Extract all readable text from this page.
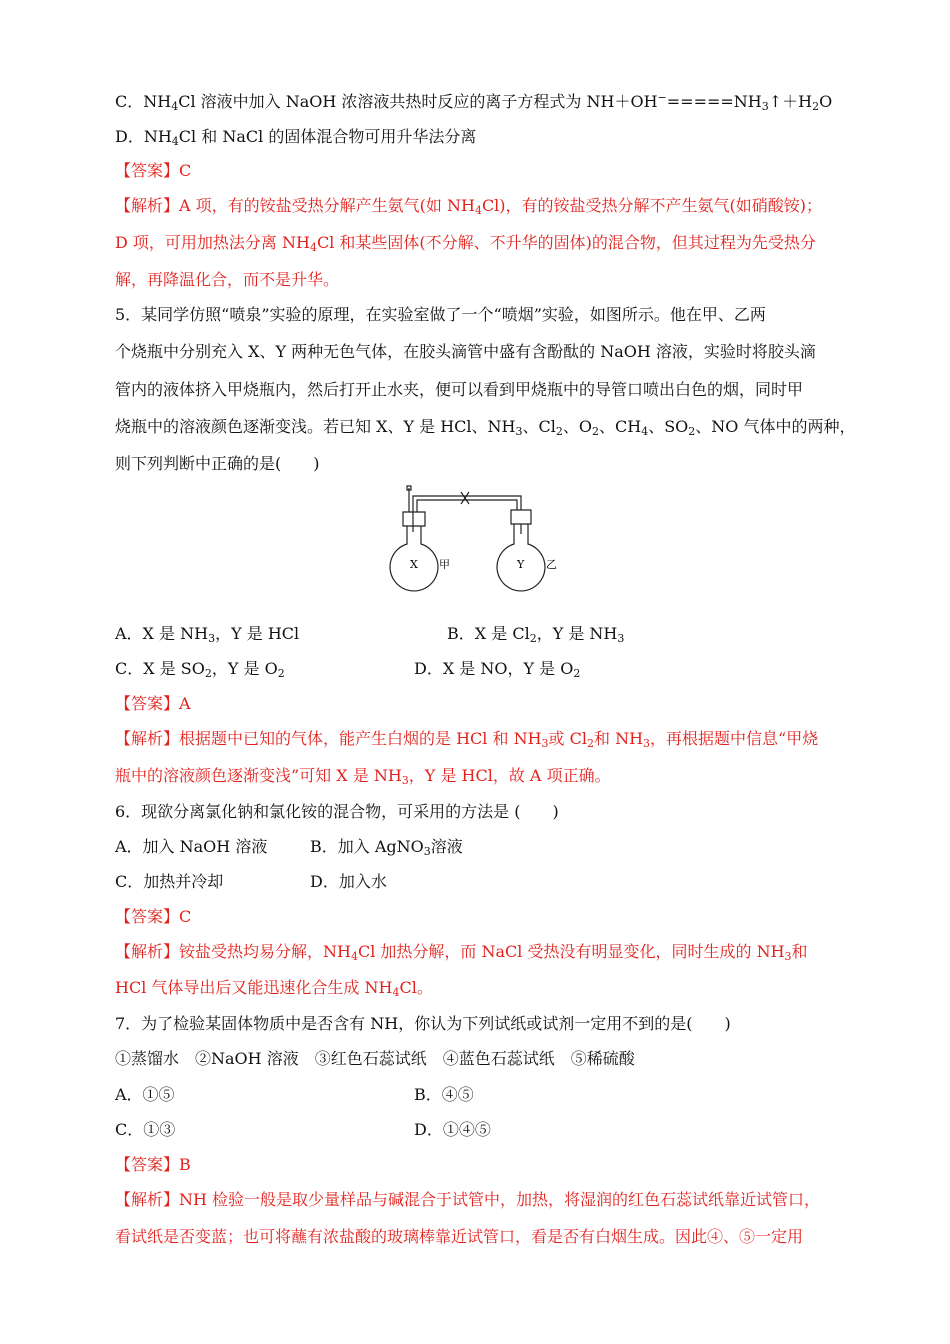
C．$NH_4Cl$ 溶液中加入 NaOH 浓溶液共热时反应的离子方程式为 $NH+OH^-=====NH_3↑+H_2O$
D．$NH_4Cl$ 和 NaCl 的固体混合物可用升华法分离
【答案】C
【解析】A 项，有的铵盐受热分解产生氨气(如 $NH_4Cl$)，有的铵盐受热分解不产生氨气(如硝酸铵)；
D 项，可用加热法分离 $NH_4Cl$ 和某些固体(不分解、不升华的固体)的混合物，但其过程为先受热分
解，再降温化合，而不是升华。
5．某同学仿照“喷泉”实验的原理，在实验室做了一个“喷烟”实验，如图所示。他在甲、乙两
个烧瓶中分别充入 X、Y 两种无色气体，在胶头滴管中盛有含酚酞的 NaOH 溶液，实验时将胶头滴
管内的液体挤入甲烧瓶内，然后打开止水夹，便可以看到甲烧瓶中的导管口喷出白色的烟，同时甲
烧瓶中的溶液颜色逐渐变浅。若已知 X、Y 是 HCl、$NH_3$、$Cl_2$、$O_2$、$CH_4$、$SO_2$、NO 气体中的两种，
则下列判断中正确的是(　　)
X 甲	Y 乙
A．X 是 $NH_3$，Y 是 HCl	B．X 是 $Cl_2$，Y 是 $NH_3$
C．X 是 $SO_2$，Y 是 $O_2$	D．X 是 NO，Y 是 $O_2$
【答案】A
【解析】根据题中已知的气体，能产生白烟的是 HCl 和 $NH_3$或 $Cl_2$和 $NH_3$，再根据题中信息“甲烧
瓶中的溶液颜色逐渐变浅”可知 X 是 $NH_3$，Y 是 HCl，故 A 项正确。
6．现欲分离氯化钠和氯化铵的混合物，可采用的方法是 (　　)
A．加入 NaOH 溶液	B．加入 AgNO$_3$溶液
C．加热并冷却	D．加入水
【答案】C
【解析】铵盐受热均易分解，$NH_4Cl$ 加热分解，而 NaCl 受热没有明显变化，同时生成的 $NH_3$和
HCl 气体导出后又能迅速化合生成 $NH_4Cl$。
7．为了检验某固体物质中是否含有 NH，你认为下列试纸或试剂一定用不到的是(　　)
①蒸馏水　②NaOH 溶液　③红色石蕊试纸　④蓝色石蕊试纸　⑤稀硫酸
A．①⑤	B．④⑤
C．①③	D．①④⑤
【答案】B
【解析】NH 检验一般是取少量样品与碱混合于试管中，加热，将湿润的红色石蕊试纸靠近试管口，
看试纸是否变蓝；也可将蘸有浓盐酸的玻璃棒靠近试管口，看是否有白烟生成。因此④、⑤一定用
